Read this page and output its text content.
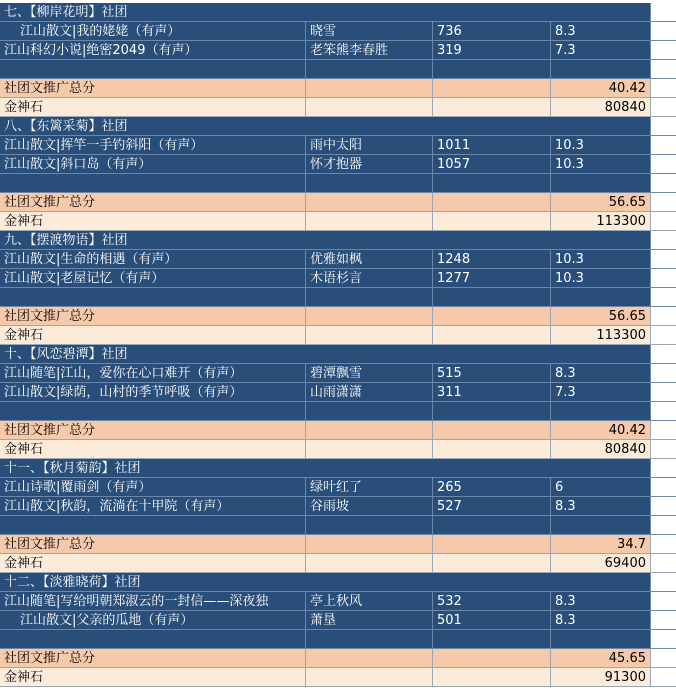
七、【柳岸花明】社团
江山散文|我的姥姥（有声）	晓雪	736	8.3
江山科幻小说|绝密2049（有声）	老笨熊李春胜	319	7.3
社团文推广总分	40.42
金神石	80840
八、【东篱采菊】社团
江山散文|挥竿一手钓斜阳（有声）	雨中太阳	1011	10.3
江山散文|斜口岛（有声）	怀才抱器	1057	10.3
社团文推广总分	56.65
金神石	113300
九、【摆渡物语】社团
江山散文|生命的相遇（有声）	优雅如枫	1248	10.3
江山散文|老屋记忆（有声）	木语杉言	1277	10.3
社团文推广总分	56.65
金神石	113300
十、【风恋碧潭】社团
江山随笔|江山，爱你在心口难开（有声）	碧潭飘雪	515	8.3
江山散文|绿荫，山村的季节呼吸（有声）	山雨潇潇	311	7.3
社团文推广总分	40.42
金神石	80840
十一、【秋月菊韵】社团
江山诗歌|覆雨剑（有声）	绿叶红了	265	6
江山散文|秋韵，流淌在十甲院（有声）	谷雨坡	527	8.3
社团文推广总分	34.7
金神石	69400
十二、【淡雅晓荷】社团
江山随笔|写给明朝郑淑云的一封信——深夜独	亭上秋风	532	8.3
江山散文|父亲的瓜地（有声）	萧垦	501	8.3
社团文推广总分	45.65
金神石	91300
